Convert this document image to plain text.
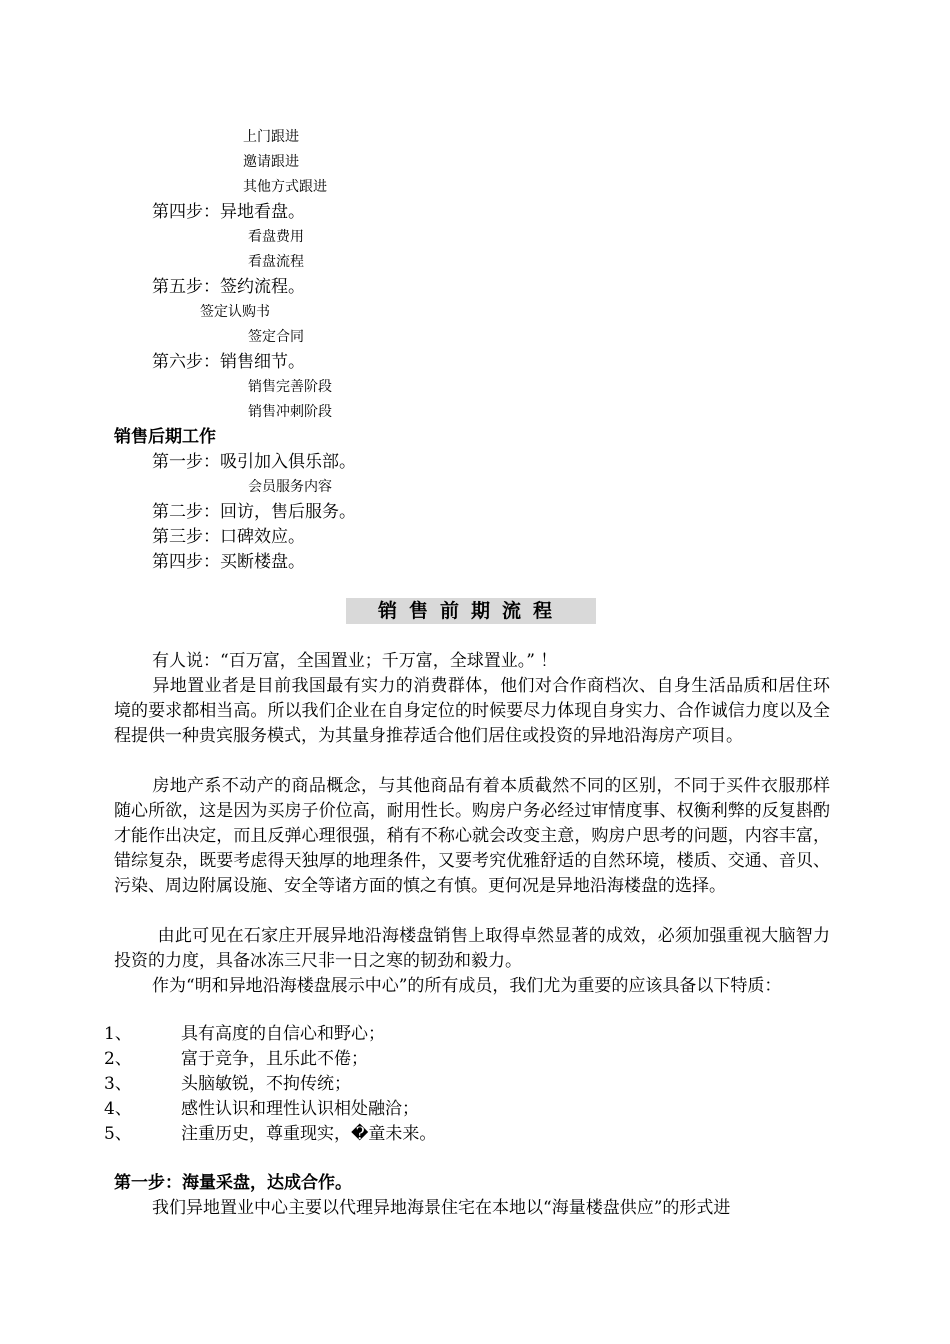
上门跟进
邀请跟进
其他方式跟进
第四步：异地看盘。
看盘费用
看盘流程
第五步：签约流程。
签定认购书
签定合同
第六步：销售细节。
销售完善阶段
销售冲刺阶段
销售后期工作
第一步：吸引加入俱乐部。
会员服务内容
第二步：回访，售后服务。
第三步：口碑效应。
第四步：买断楼盘。
销售前期流程
有人说：“百万富，全国置业；千万富，全球置业。” ！
异地置业者是目前我国最有实力的消费群体，他们对合作商档次、自身生活品质和居住环境的要求都相当高。所以我们企业在自身定位的时候要尽力体现自身实力、合作诚信力度以及全程提供一种贵宾服务模式，为其量身推荐适合他们居住或投资的异地沿海房产项目。
房地产系不动产的商品概念，与其他商品有着本质截然不同的区别，不同于买件衣服那样随心所欲，这是因为买房子价位高，耐用性长。购房户务必经过审情度事、权衡利弊的反复斟酌才能作出决定，而且反弹心理很强，稍有不称心就会改变主意，购房户思考的问题，内容丰富，错综复杂，既要考虑得天独厚的地理条件，又要考究优雅舒适的自然环境，楼质、交通、音贝、污染、周边附属设施、安全等诸方面的慎之有慎。更何况是异地沿海楼盘的选择。
由此可见在石家庄开展异地沿海楼盘销售上取得卓然显著的成效，必须加强重视大脑智力投资的力度，具备冰冻三尺非一日之寒的韧劲和毅力。
作为“明和异地沿海楼盘展示中心”的所有成员，我们尤为重要的应该具备以下特质：
1、	具有高度的自信心和野心；
2、	富于竞争，且乐此不倦；
3、	头脑敏锐，不拘传统；
4、	感性认识和理性认识相处融洽；
5、	注重历史，尊重现实，�童未来。
第一步：海量采盘，达成合作。
我们异地置业中心主要以代理异地海景住宅在本地以“海量楼盘供应”的形式进
